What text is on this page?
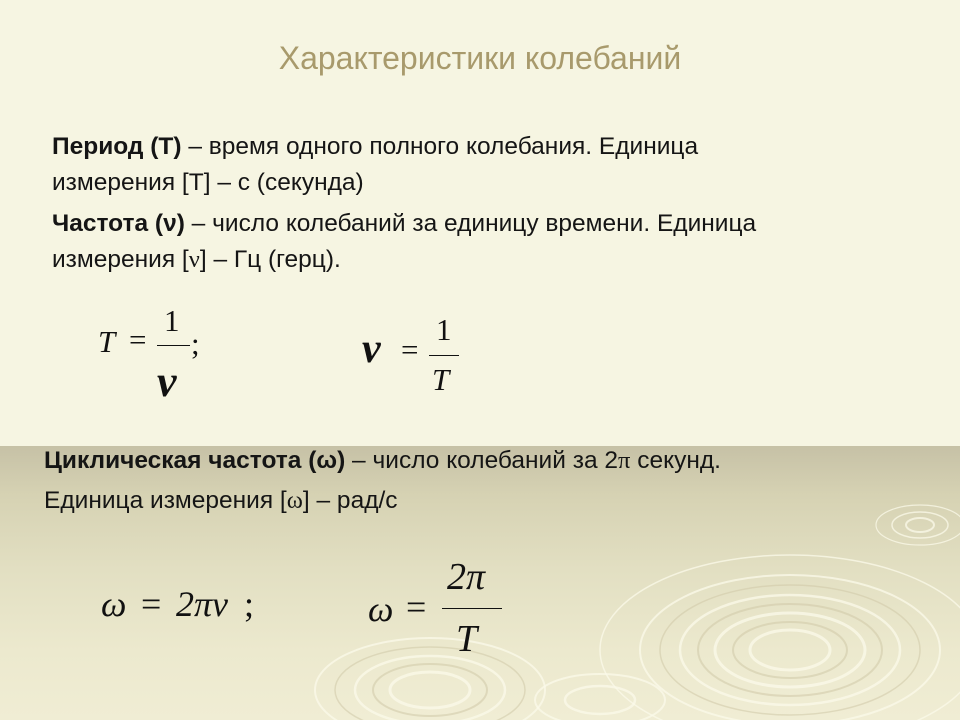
Характеристики колебаний
Период (Т) – время одного полного колебания. Единица
измерения [Т] – с (секунда)
Частота (ν) – число колебаний за единицу времени. Единица
измерения [ν] – Гц (герц).
T =
1
ν
;	ν =
1
T
Циклическая частота (ω) – число колебаний за 2π секунд.
Единица измерения [ω] – рад/с
ω = 2πν ;	ω =
2π
T
